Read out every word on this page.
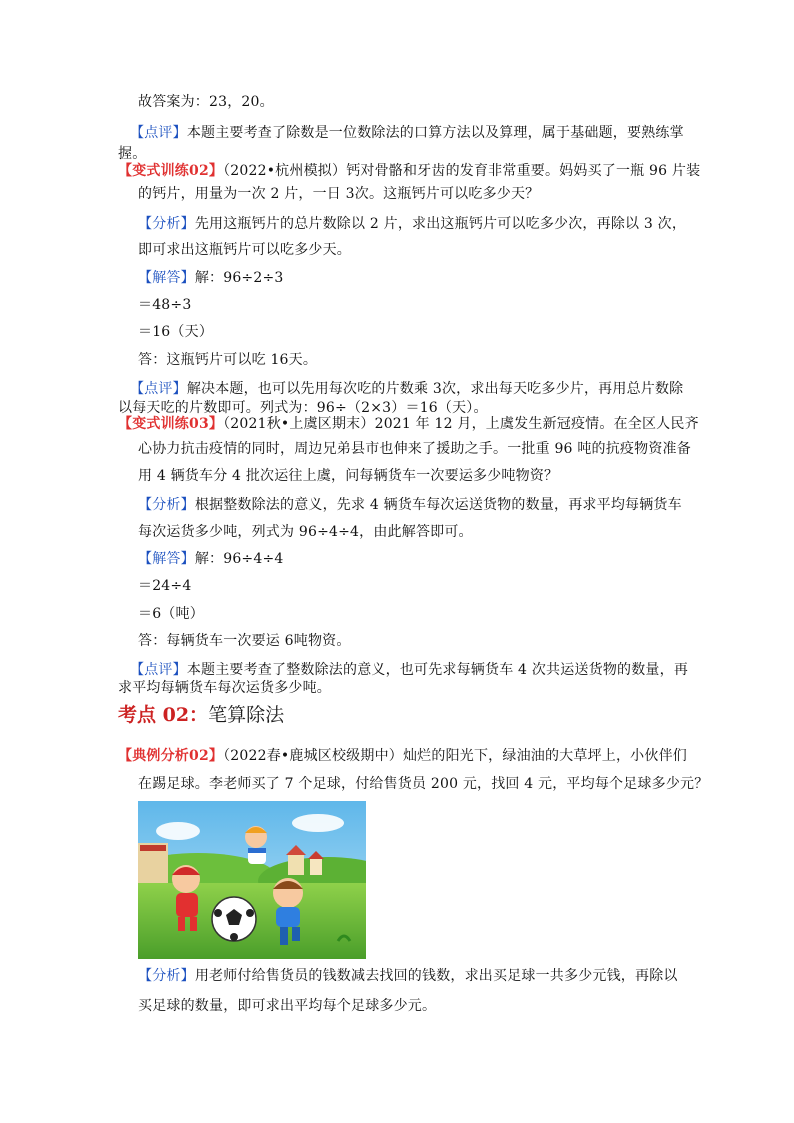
故答案为：23，20。
【点评】本题主要考查了除数是一位数除法的口算方法以及算理，属于基础题，要熟练掌
握。
【变式训练02】（2022•杭州模拟）钙对骨骼和牙齿的发育非常重要。妈妈买了一瓶 96 片装
的钙片，用量为一次 2 片，一日 3次。这瓶钙片可以吃多少天？
【分析】先用这瓶钙片的总片数除以 2 片，求出这瓶钙片可以吃多少次，再除以 3 次，
即可求出这瓶钙片可以吃多少天。
【解答】解：96÷2÷3
＝48÷3
＝16（天）
答：这瓶钙片可以吃 16天。
【点评】解决本题，也可以先用每次吃的片数乘 3次，求出每天吃多少片，再用总片数除
以每天吃的片数即可。列式为：96÷（2×3）＝16（天）。
【变式训练03】（2021秋•上虞区期末）2021 年 12 月，上虞发生新冠疫情。在全区人民齐
心协力抗击疫情的同时，周边兄弟县市也伸来了援助之手。一批重 96 吨的抗疫物资准备
用 4 辆货车分 4 批次运往上虞，问每辆货车一次要运多少吨物资？
【分析】根据整数除法的意义，先求 4 辆货车每次运送货物的数量，再求平均每辆货车
每次运货多少吨，列式为 96÷4÷4，由此解答即可。
【解答】解：96÷4÷4
＝24÷4
＝6（吨）
答：每辆货车一次要运 6吨物资。
【点评】本题主要考查了整数除法的意义，也可先求每辆货车 4 次共运送货物的数量，再
求平均每辆货车每次运货多少吨。
考点 02：笔算除法
【典例分析02】（2022春•鹿城区校级期中）灿烂的阳光下，绿油油的大草坪上，小伙伴们
在踢足球。李老师买了 7 个足球，付给售货员 200 元，找回 4 元，平均每个足球多少元？
【分析】用老师付给售货员的钱数减去找回的钱数，求出买足球一共多少元钱，再除以
买足球的数量，即可求出平均每个足球多少元。
